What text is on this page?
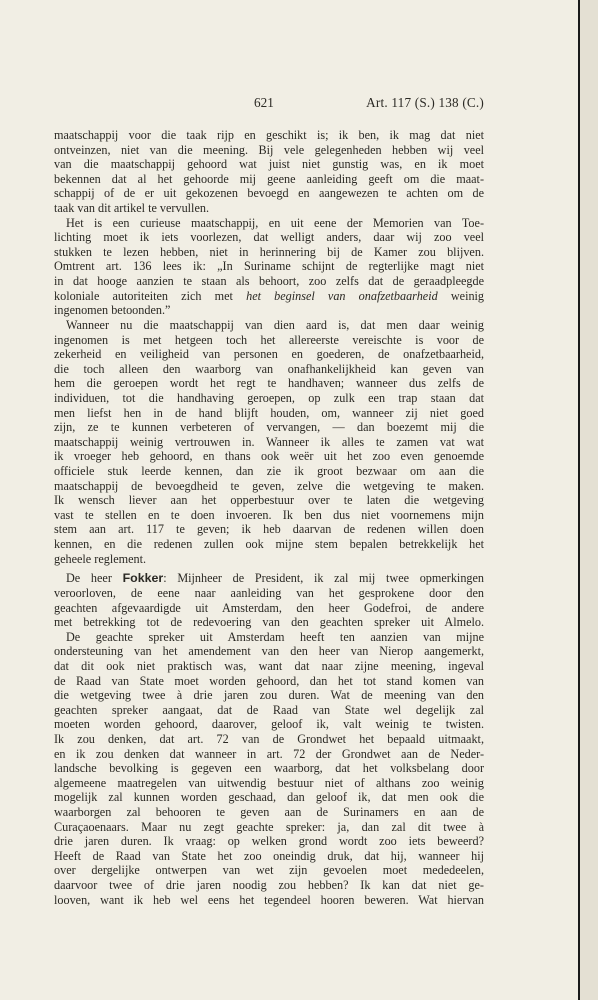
621	Art. 117 (S.) 138 (C.)
maatschappij voor die taak rijp en geschikt is; ik ben, ik mag dat niet
ontveinzen, niet van die meening. Bij vele gelegenheden hebben wij veel
van die maatschappij gehoord wat juist niet gunstig was, en ik moet
bekennen dat al het gehoorde mij geene aanleiding geeft om die maat-
schappij of de er uit gekozenen bevoegd en aangewezen te achten om de
taak van dit artikel te vervullen.
Het is een curieuse maatschappij, en uit eene der Memorien van Toe-
lichting moet ik iets voorlezen, dat welligt anders, daar wij zoo veel
stukken te lezen hebben, niet in herinnering bij de Kamer zou blijven.
Omtrent art. 136 lees ik: „In Suriname schijnt de regterlijke magt niet
in dat hooge aanzien te staan als behoort, zoo zelfs dat de geraadpleegde
koloniale autoriteiten zich met het beginsel van onafzetbaarheid weinig
ingenomen betoonden.”
Wanneer nu die maatschappij van dien aard is, dat men daar weinig
ingenomen is met hetgeen toch het allereerste vereischte is voor de
zekerheid en veiligheid van personen en goederen, de onafzetbaarheid,
die toch alleen den waarborg van onafhankelijkheid kan geven van
hem die geroepen wordt het regt te handhaven; wanneer dus zelfs de
individuen, tot die handhaving geroepen, op zulk een trap staan dat
men liefst hen in de hand blijft houden, om, wanneer zij niet goed
zijn, ze te kunnen verbeteren of vervangen, — dan boezemt mij die
maatschappij weinig vertrouwen in. Wanneer ik alles te zamen vat wat
ik vroeger heb gehoord, en thans ook weër uit het zoo even genoemde
officiele stuk leerde kennen, dan zie ik groot bezwaar om aan die
maatschappij de bevoegdheid te geven, zelve die wetgeving te maken.
Ik wensch liever aan het opperbestuur over te laten die wetgeving
vast te stellen en te doen invoeren. Ik ben dus niet voornemens mijn
stem aan art. 117 te geven; ik heb daarvan de redenen willen doen
kennen, en die redenen zullen ook mijne stem bepalen betrekkelijk het
geheele reglement.
De heer Fokker: Mijnheer de President, ik zal mij twee opmerkingen
veroorloven, de eene naar aanleiding van het gesprokene door den
geachten afgevaardigde uit Amsterdam, den heer Godefroi, de andere
met betrekking tot de redevoering van den geachten spreker uit Almelo.
De geachte spreker uit Amsterdam heeft ten aanzien van mijne
ondersteuning van het amendement van den heer van Nierop aangemerkt,
dat dit ook niet praktisch was, want dat naar zijne meening, ingeval
de Raad van State moet worden gehoord, dan het tot stand komen van
die wetgeving twee à drie jaren zou duren. Wat de meening van den
geachten spreker aangaat, dat de Raad van State wel degelijk zal
moeten worden gehoord, daarover, geloof ik, valt weinig te twisten.
Ik zou denken, dat art. 72 van de Grondwet het bepaald uitmaakt,
en ik zou denken dat wanneer in art. 72 der Grondwet aan de Neder-
landsche bevolking is gegeven een waarborg, dat het volksbelang door
algemeene maatregelen van uitwendig bestuur niet of althans zoo weinig
mogelijk zal kunnen worden geschaad, dan geloof ik, dat men ook die
waarborgen zal behooren te geven aan de Surinamers en aan de
Curaçaoenaars. Maar nu zegt geachte spreker: ja, dan zal dit twee à
drie jaren duren. Ik vraag: op welken grond wordt zoo iets beweerd?
Heeft de Raad van State het zoo oneindig druk, dat hij, wanneer hij
over dergelijke ontwerpen van wet zijn gevoelen moet mededeelen,
daarvoor twee of drie jaren noodig zou hebben? Ik kan dat niet ge-
looven, want ik heb wel eens het tegendeel hooren beweren. Wat hiervan
